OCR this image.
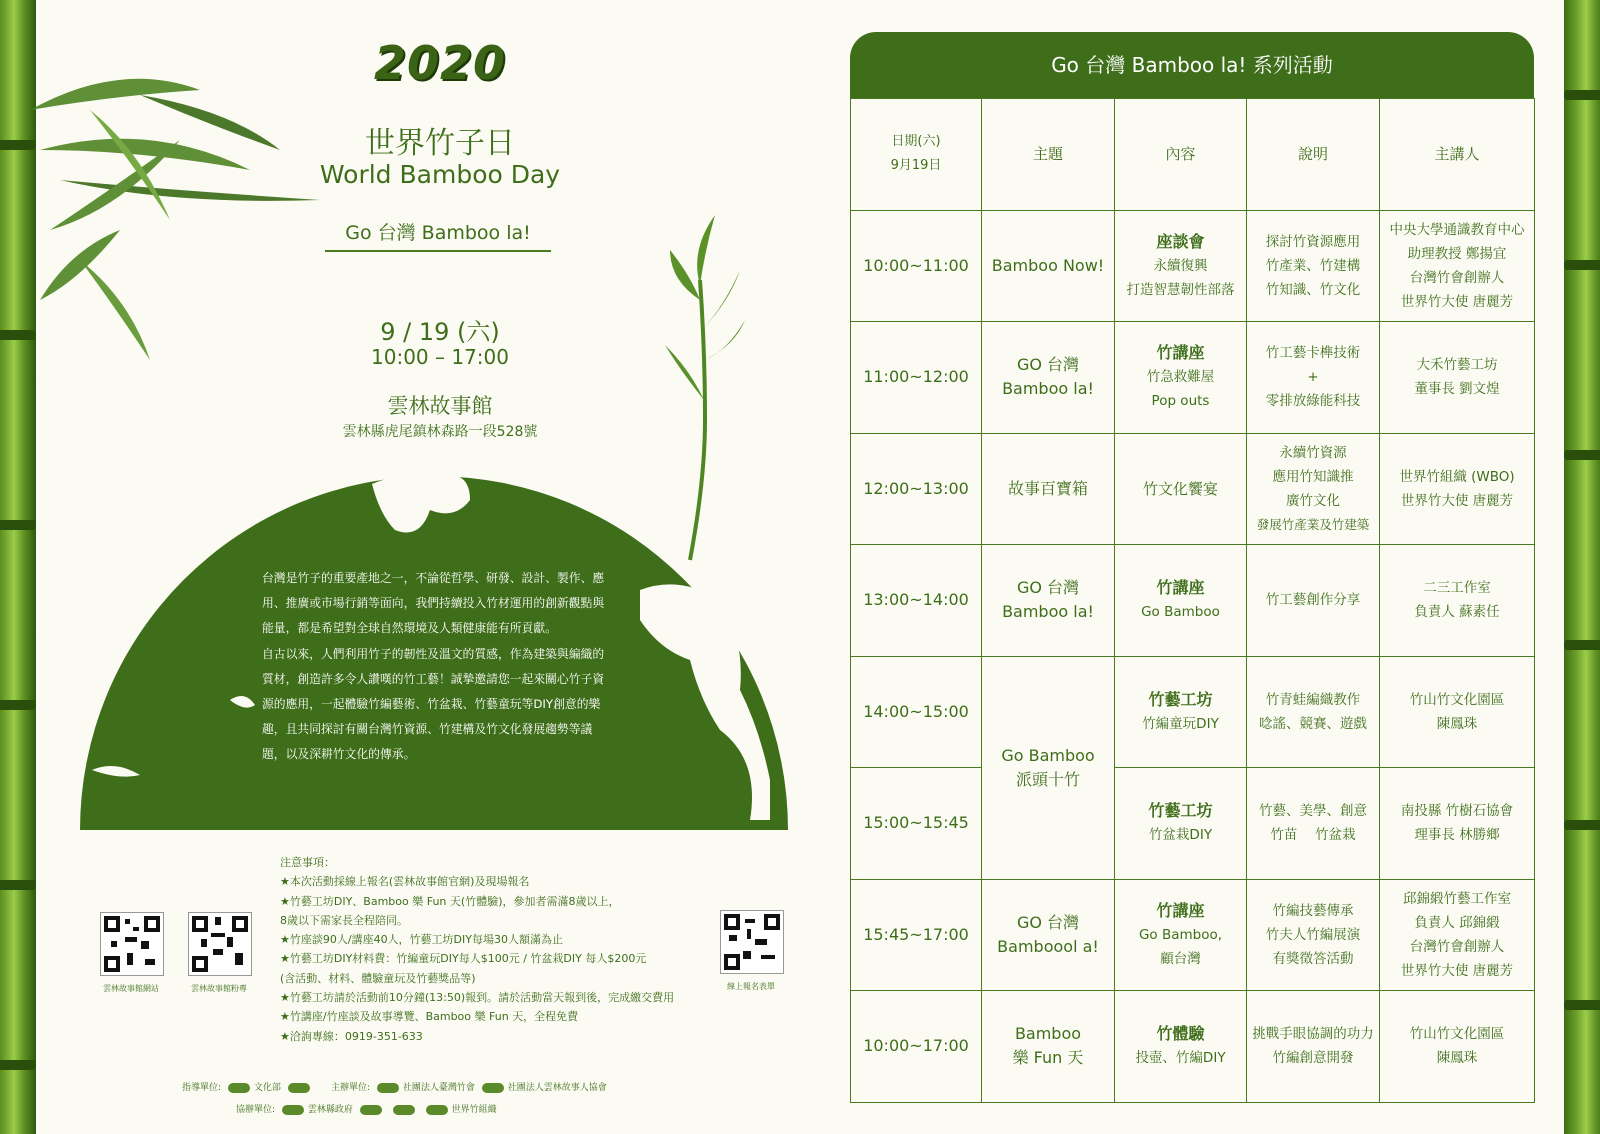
2020
世界竹子日
World Bamboo Day
Go 台灣 Bamboo la!
9 / 19 (六)
10:00 – 17:00
雲林故事館
雲林縣虎尾鎮林森路一段528號

台灣是竹子的重要產地之一，不論從哲學、研發、設計、製作、應用、推廣或市場行銷等面向，我們持續投入竹材運用的創新觀點與能量，都是希望對全球自然環境及人類健康能有所貢獻。

自古以來，人們利用竹子的韌性及溫文的質感，作為建築與編織的質材，創造許多令人讚嘆的竹工藝！誠摯邀請您一起來關心竹子資源的應用，一起體驗竹編藝術、竹盆栽、竹藝童玩等DIY創意的樂趣，且共同探討有關台灣竹資源、竹建構及竹文化發展趨勢等議題，以及深耕竹文化的傳承。

注意事項：
★本次活動採線上報名(雲林故事館官網)及現場報名
★竹藝工坊DIY、Bamboo 樂 Fun 天(竹體驗)，參加者需滿8歲以上，
8歲以下需家長全程陪同。
★竹座談90人/講座40人，竹藝工坊DIY每場30人額滿為止
★竹藝工坊DIY材料費：竹編童玩DIY每人$100元 / 竹盆栽DIY 每人$200元
(含活動、材料、體驗童玩及竹藝獎品等)
★竹藝工坊請於活動前10分鐘(13:50)報到。請於活動當天報到後，完成繳交費用
★竹講座/竹座談及故事導覽、Bamboo 樂 Fun 天，全程免費
★洽詢專線：0919-351-633
雲林故事館網站	雲林故事館粉專	線上報名表單
指導單位:	文化部	主辦單位:	社團法人臺灣竹會	社團法人雲林故事人協會
協辦單位:	雲林縣政府	世界竹組織
Go 台灣 Bamboo la! 系列活動
日期(六)
9月19日	主題	內容	說明	主講人
10:00~11:00	Bamboo Now!	座談會
永續復興
打造智慧韌性部落	探討竹資源應用
竹產業、竹建構
竹知識、竹文化	中央大學通識教育中心
助理教授 鄭揚宜
台灣竹會創辦人
世界竹大使 唐麗芳

11:00~12:00	GO 台灣
Bamboo la!	竹講座
竹急救難屋
Pop outs	竹工藝卡榫技術
+
零排放綠能科技	大禾竹藝工坊
董事長 劉文煌

12:00~13:00	故事百寶箱	竹文化饗宴	永續竹資源
應用竹知識推
廣竹文化
發展竹產業及竹建築	世界竹組織 (WBO)
世界竹大使 唐麗芳

13:00~14:00	GO 台灣
Bamboo la!	竹講座
Go Bamboo	竹工藝創作分享	二三工作室
負責人 蘇素任

14:00~15:00	Go Bamboo
派頭十竹	竹藝工坊
竹編童玩DIY	竹青蛙編織教作
唸謠、競賽、遊戲	竹山竹文化園區
陳鳳珠

15:00~15:45		竹藝工坊
竹盆栽DIY	竹藝、美學、創意
竹苗　 竹盆栽	南投縣 竹樹石協會
理事長 林勝鄉

15:45~17:00	GO 台灣
Bamboool a!	竹講座
Go Bamboo,
顧台灣	竹編技藝傳承
竹夫人竹編展演
有獎徵答活動	邱錦緞竹藝工作室
負責人 邱錦緞
台灣竹會創辦人
世界竹大使 唐麗芳

10:00~17:00	Bamboo
樂 Fun 天	竹體驗
投壺、竹編DIY	挑戰手眼協調的功力
竹編創意開發	竹山竹文化園區
陳鳳珠
